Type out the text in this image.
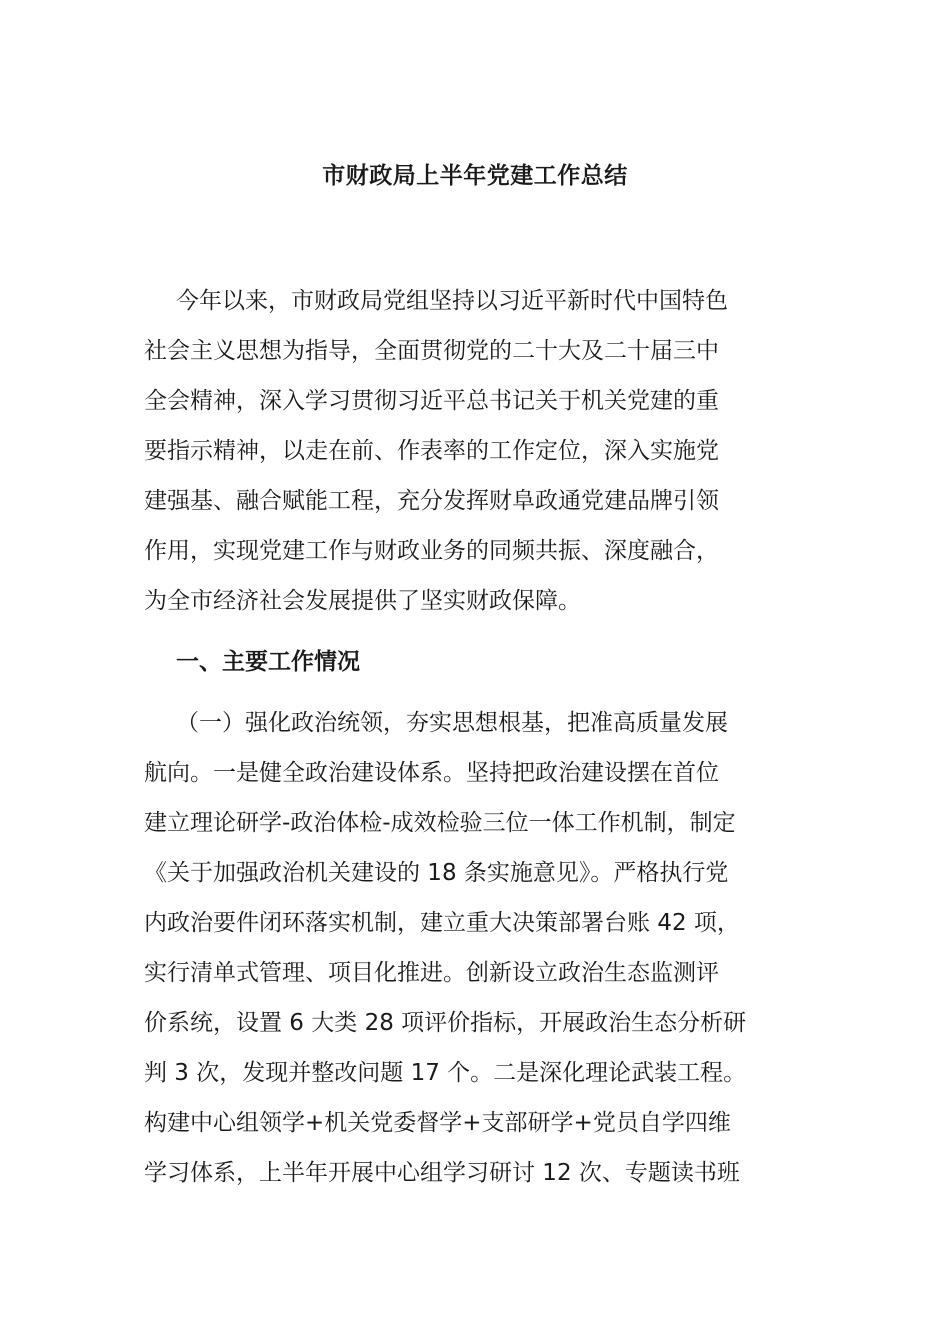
市财政局上半年党建工作总结
今年以来，市财政局党组坚持以习近平新时代中国特色
社会主义思想为指导，全面贯彻党的二十大及二十届三中
全会精神，深入学习贯彻习近平总书记关于机关党建的重
要指示精神，以走在前、作表率的工作定位，深入实施党
建强基、融合赋能工程，充分发挥财阜政通党建品牌引领
作用，实现党建工作与财政业务的同频共振、深度融合，
为全市经济社会发展提供了坚实财政保障。
一、主要工作情况
（一）强化政治统领，夯实思想根基，把准高质量发展
航向。一是健全政治建设体系。坚持把政治建设摆在首位
建立理论研学-政治体检-成效检验三位一体工作机制，制定
《关于加强政治机关建设的 18 条实施意见》。严格执行党
内政治要件闭环落实机制，建立重大决策部署台账 42 项，
实行清单式管理、项目化推进。创新设立政治生态监测评
价系统，设置 6 大类 28 项评价指标，开展政治生态分析研
判 3 次，发现并整改问题 17 个。二是深化理论武装工程。
构建中心组领学+机关党委督学+支部研学+党员自学四维
学习体系，上半年开展中心组学习研讨 12 次、专题读书班
